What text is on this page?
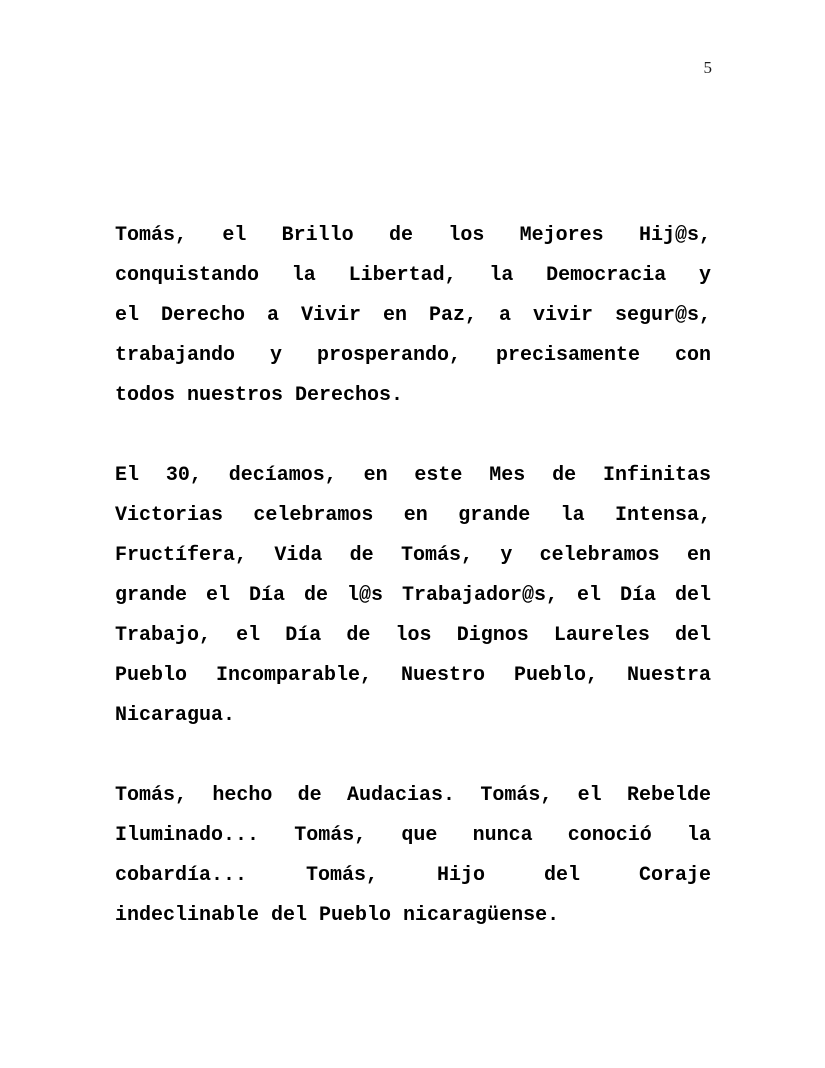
5
Tomás, el Brillo de los Mejores Hij@s,
conquistando la Libertad, la Democracia y
el Derecho a Vivir en Paz, a vivir segur@s,
trabajando y prosperando, precisamente con
todos nuestros Derechos.
El 30, decíamos, en este Mes de Infinitas
Victorias celebramos en grande la Intensa,
Fructífera, Vida de Tomás, y celebramos en
grande el Día de l@s Trabajador@s, el Día del
Trabajo, el Día de los Dignos Laureles del
Pueblo Incomparable, Nuestro Pueblo, Nuestra
Nicaragua.
Tomás, hecho de Audacias. Tomás, el Rebelde
Iluminado... Tomás, que nunca conoció la
cobardía... Tomás, Hijo del Coraje
indeclinable del Pueblo nicaragüense.
